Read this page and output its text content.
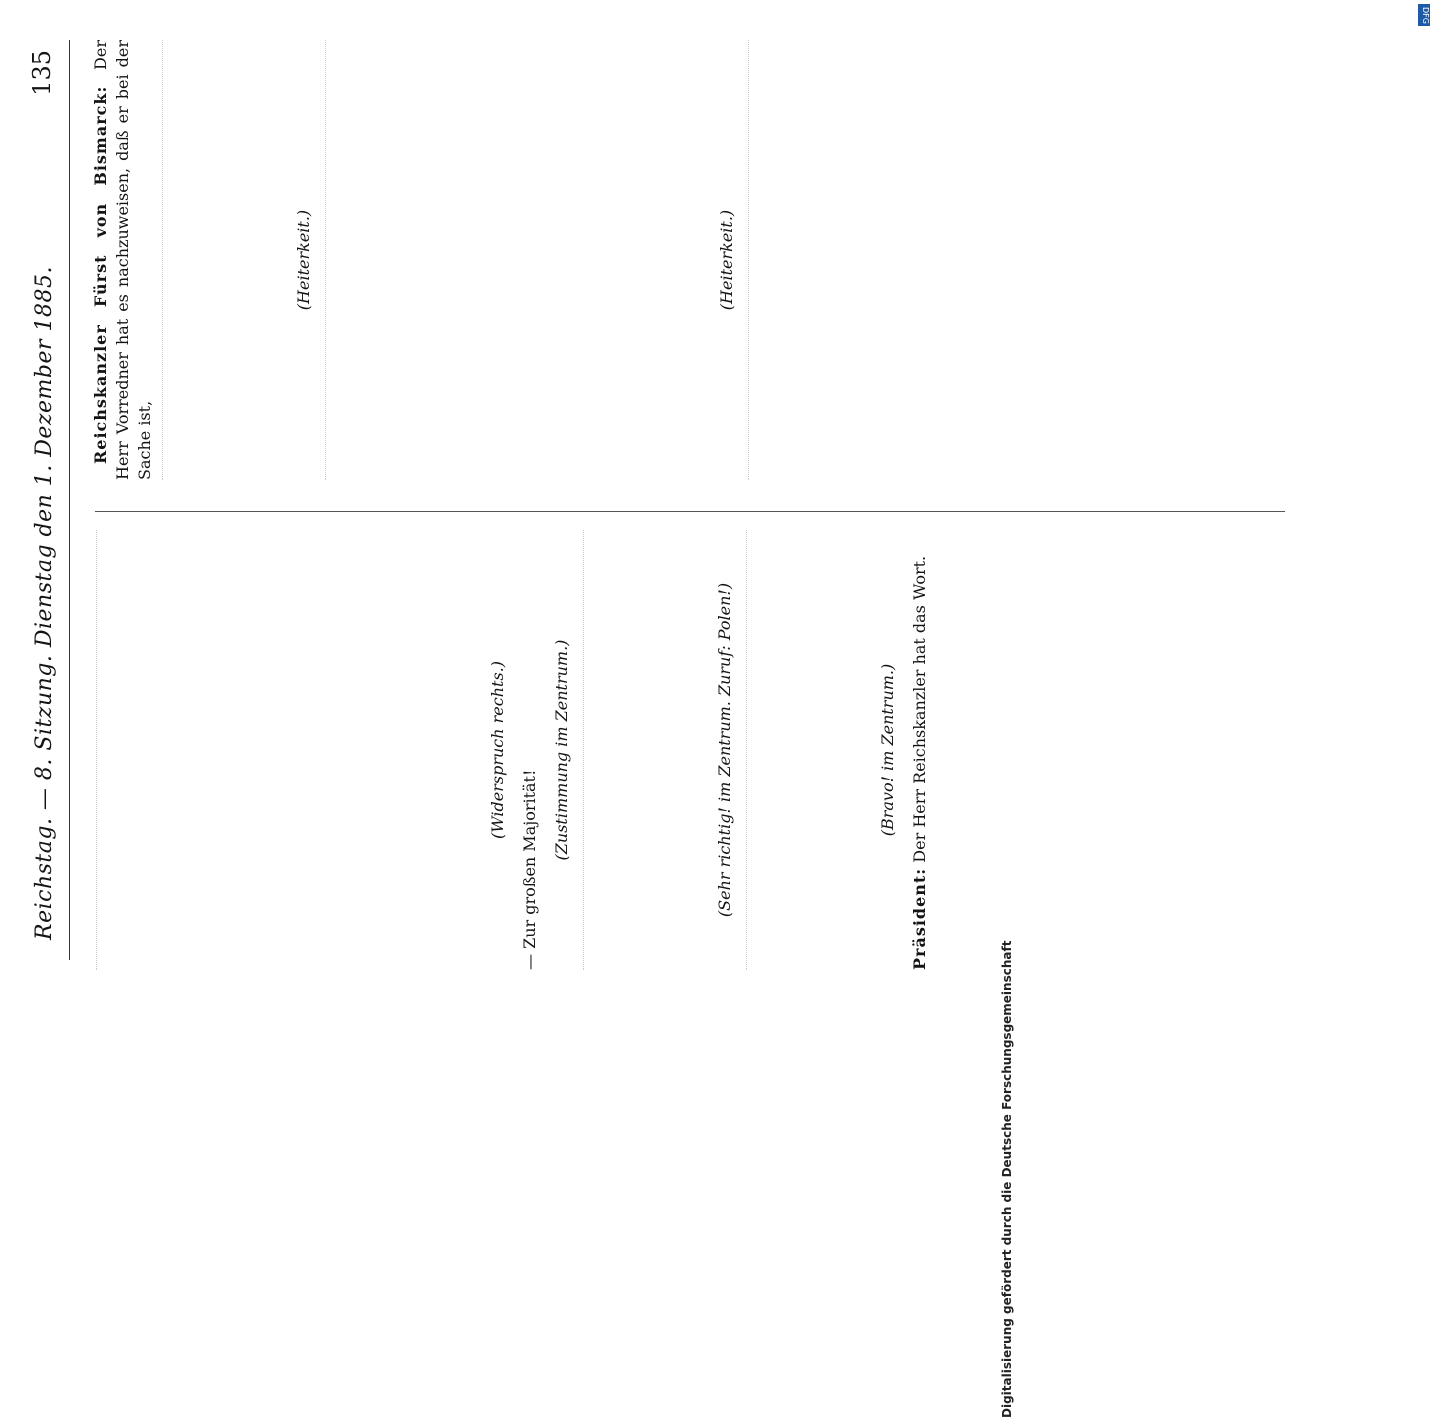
Reichstag. — 8. Sitzung. Dienstag den 1. Dezember 1885.
135

(Widerspruch rechts.)

— Zur großen Majorität!

(Zustimmung im Zentrum.)	(Sehr richtig! im Zentrum. Zuruf: Polen!)	(Bravo! im Zentrum.)

Präsident: Der Herr Reichskanzler hat das Wort.

Reichskanzler Fürst von Bismarck: Der Herr Vorredner hat es nachzuweisen, daß er bei der Sache ist,

(Heiterkeit.)	(Heiterkeit.)

Digitalisierung gefördert durch die Deutsche Forschungsgemeinschaft
DFG
